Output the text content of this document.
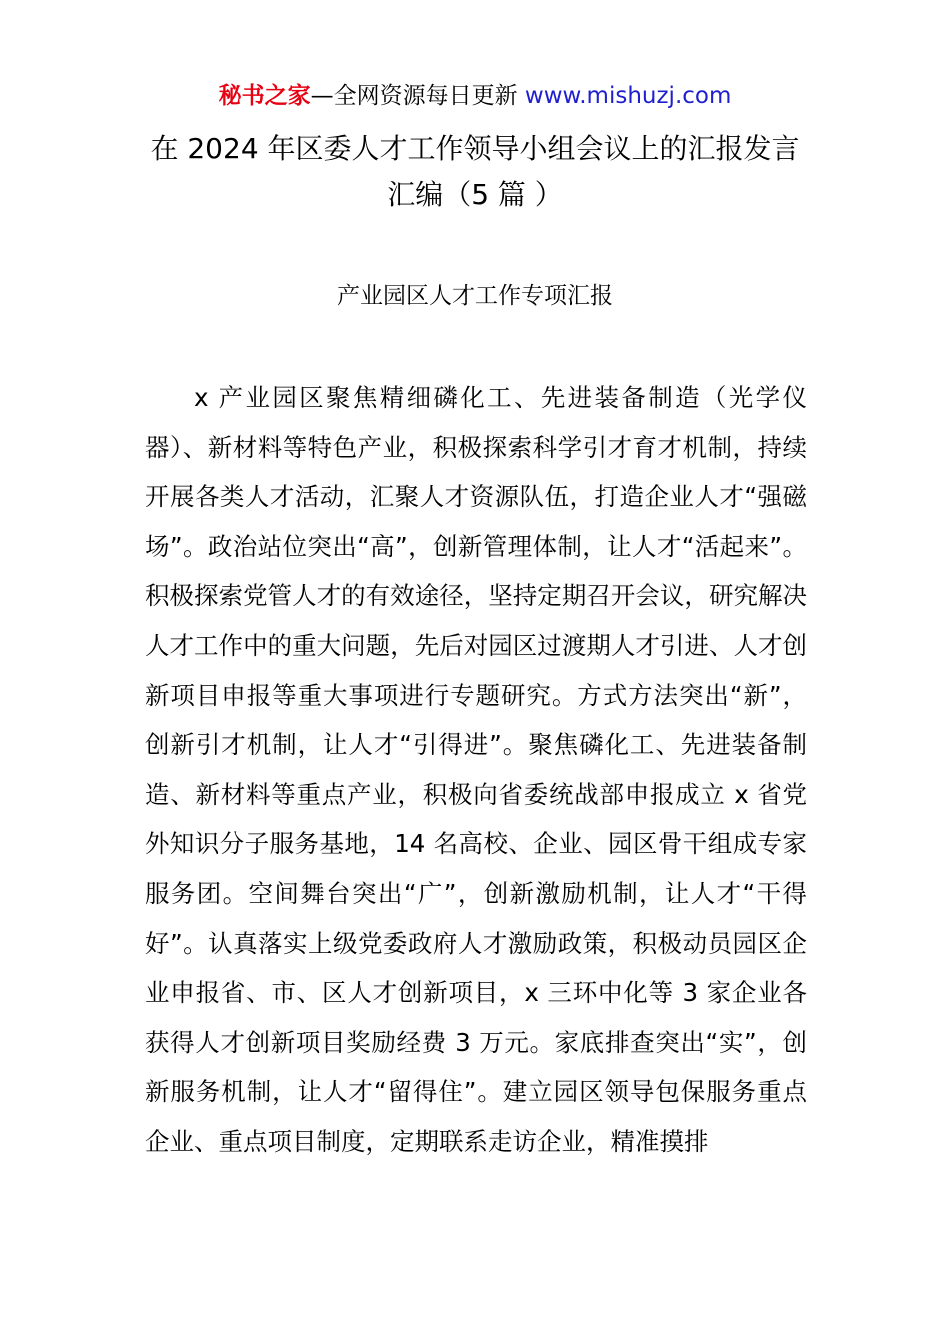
秘书之家—全网资源每日更新 www.mishuzj.com
在 2024 年区委人才工作领导小组会议上的汇报发言汇编（5 篇 ）
产业园区人才工作专项汇报

x 产业园区聚焦精细磷化工、先进装备制造（光学仪器）、新材料等特色产业，积极探索科学引才育才机制，持续开展各类人才活动，汇聚人才资源队伍，打造企业人才“强磁场”。政治站位突出“高”，创新管理体制，让人才“活起来”。积极探索党管人才的有效途径，坚持定期召开会议，研究解决人才工作中的重大问题，先后对园区过渡期人才引进、人才创新项目申报等重大事项进行专题研究。方式方法突出“新”，创新引才机制，让人才“引得进”。聚焦磷化工、先进装备制造、新材料等重点产业，积极向省委统战部申报成立 x 省党外知识分子服务基地，14 名高校、企业、园区骨干组成专家服务团。空间舞台突出“广”，创新激励机制，让人才“干得好”。认真落实上级党委政府人才激励政策，积极动员园区企业申报省、市、区人才创新项目，x 三环中化等 3 家企业各获得人才创新项目奖励经费 3 万元。家底排查突出“实”，创新服务机制，让人才“留得住”。建立园区领导包保服务重点企业、重点项目制度，定期联系走访企业，精准摸排
